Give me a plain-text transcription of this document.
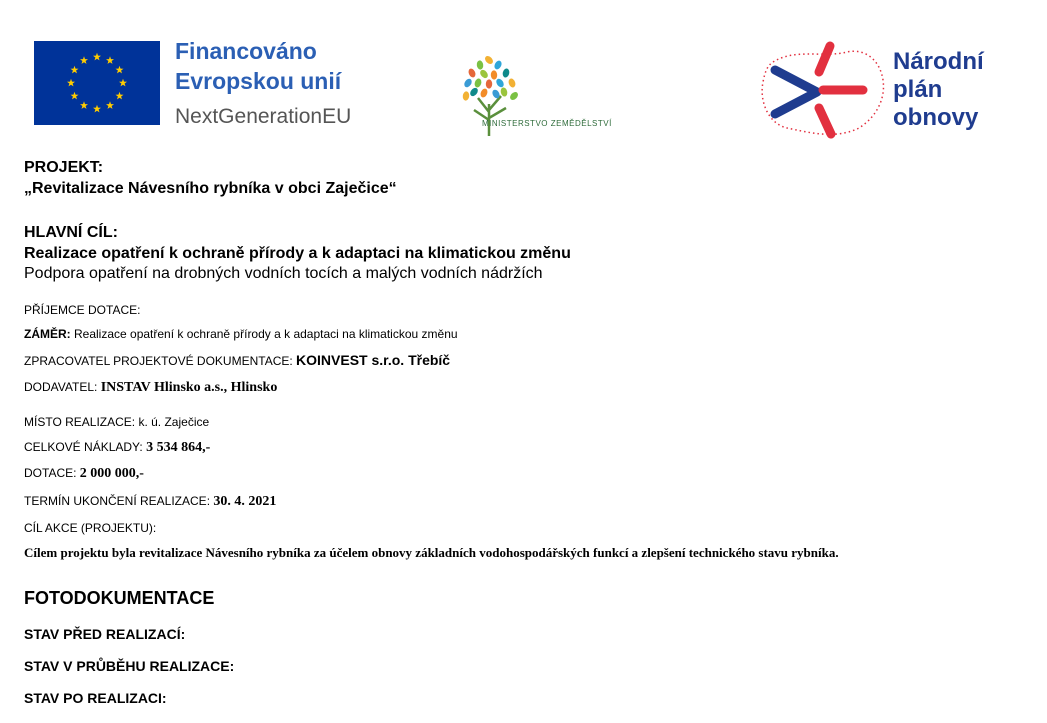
Financováno
Evropskou unií
NextGenerationEU	MINISTERSTVO ZEMĚDĚLSTVÍ
Národní
plán
obnovy
PROJEKT:
„Revitalizace Návesního rybníka v obci Zaječice“
HLAVNÍ CÍL:
Realizace opatření k ochraně přírody a k adaptaci na klimatickou změnu
Podpora opatření na drobných vodních tocích a malých vodních nádržích
PŘÍJEMCE DOTACE:
ZÁMĚR: Realizace opatření k ochraně přírody a k adaptaci na klimatickou změnu
ZPRACOVATEL PROJEKTOVÉ DOKUMENTACE: KOINVEST s.r.o. Třebíč
DODAVATEL: INSTAV Hlinsko a.s., Hlinsko
MÍSTO REALIZACE: k. ú. Zaječice
CELKOVÉ NÁKLADY: 3 534 864,-
DOTACE: 2 000 000,-
TERMÍN UKONČENÍ REALIZACE: 30. 4. 2021
CÍL AKCE (PROJEKTU):
Cílem projektu byla revitalizace Návesního rybníka za účelem obnovy základních vodohospodářských funkcí a zlepšení technického stavu rybníka.
FOTODOKUMENTACE
STAV PŘED REALIZACÍ:
STAV V PRŮBĚHU REALIZACE:
STAV PO REALIZACI:
